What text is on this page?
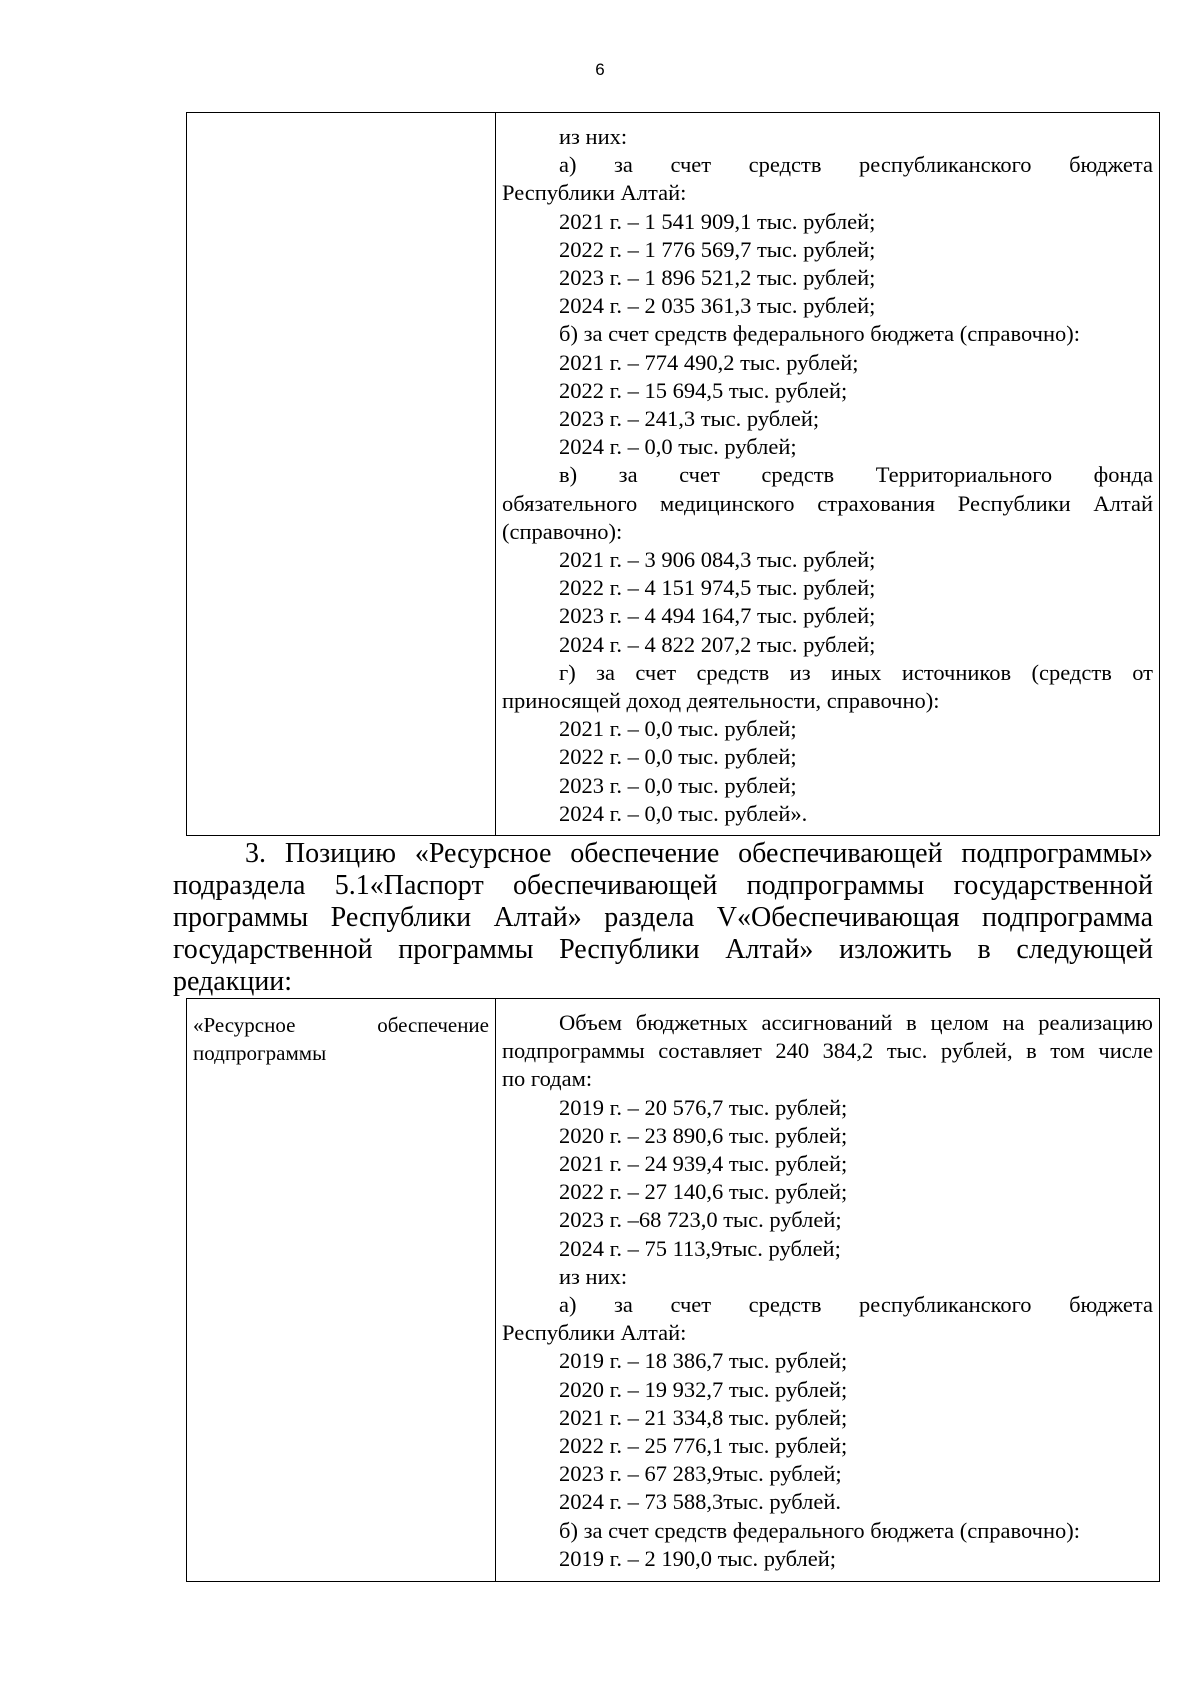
6

из них:
а) за счет средств республиканского бюджета
Республики Алтай:
2021 г. – 1 541 909,1 тыс. рублей;
2022 г. – 1 776 569,7 тыс. рублей;
2023 г. – 1 896 521,2 тыс. рублей;
2024 г. – 2 035 361,3 тыс. рублей;
б) за счет средств федерального бюджета (справочно):
2021 г. – 774 490,2 тыс. рублей;
2022 г. – 15 694,5 тыс. рублей;
2023 г. – 241,3 тыс. рублей;
2024 г. – 0,0 тыс. рублей;
в) за счет средств Территориального фонда
обязательного медицинского страхования Республики Алтай
(справочно):
2021 г. – 3 906 084,3 тыс. рублей;
2022 г. – 4 151 974,5 тыс. рублей;
2023 г. – 4 494 164,7 тыс. рублей;
2024 г. – 4 822 207,2 тыс. рублей;
г) за счет средств из иных источников (средств от
приносящей доход деятельности, справочно):
2021 г. – 0,0 тыс. рублей;
2022 г. – 0,0 тыс. рублей;
2023 г. – 0,0 тыс. рублей;
2024 г. – 0,0 тыс. рублей».
3. Позицию «Ресурсное обеспечение обеспечивающей подпрограммы»
подраздела 5.1«Паспорт обеспечивающей подпрограммы государственной
программы Республики Алтай» раздела V«Обеспечивающая подпрограмма
государственной программы Республики Алтай» изложить в следующей
редакции:
«Ресурсное обеспечение
подпрограммы

Объем бюджетных ассигнований в целом на реализацию
подпрограммы составляет 240 384,2 тыс. рублей, в том числе
по годам:
2019 г. – 20 576,7 тыс. рублей;
2020 г. – 23 890,6 тыс. рублей;
2021 г. – 24 939,4 тыс. рублей;
2022 г. – 27 140,6 тыс. рублей;
2023 г. –68 723,0 тыс. рублей;
2024 г. – 75 113,9тыс. рублей;
из них:
а) за счет средств республиканского бюджета
Республики Алтай:
2019 г. – 18 386,7 тыс. рублей;
2020 г. – 19 932,7 тыс. рублей;
2021 г. – 21 334,8 тыс. рублей;
2022 г. – 25 776,1 тыс. рублей;
2023 г. – 67 283,9тыс. рублей;
2024 г. – 73 588,3тыс. рублей.
б) за счет средств федерального бюджета (справочно):
2019 г. – 2 190,0 тыс. рублей;
